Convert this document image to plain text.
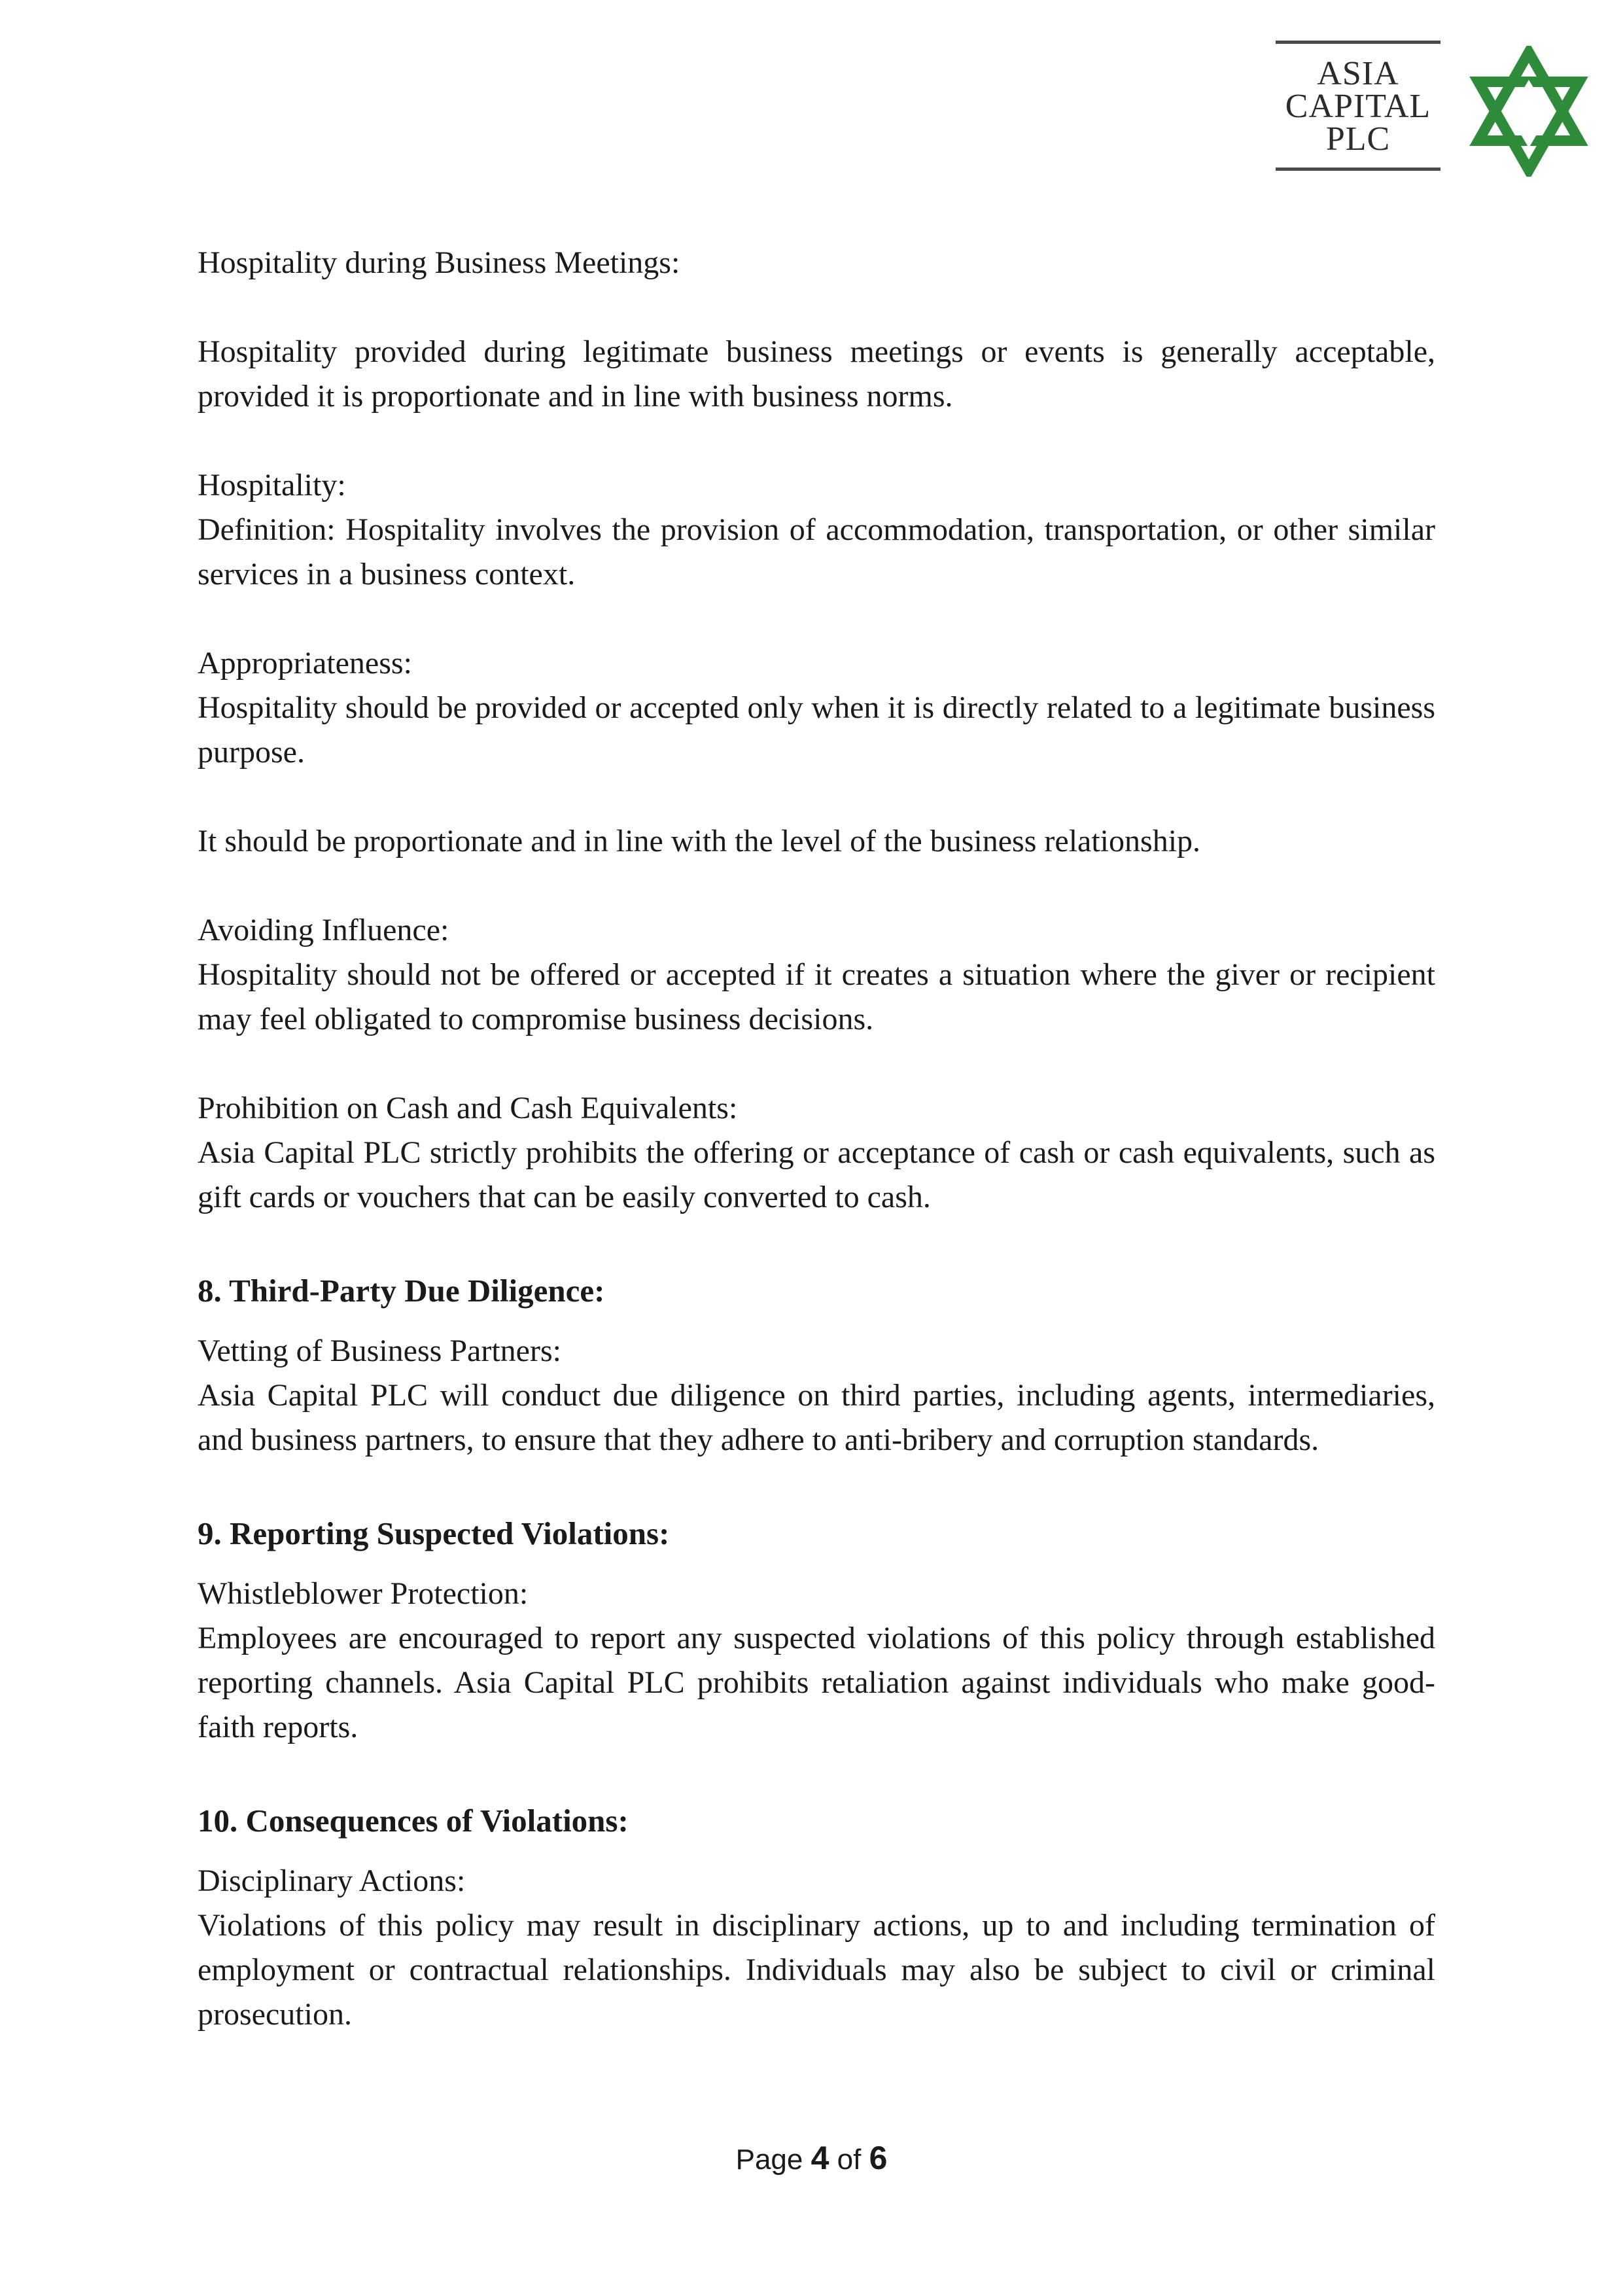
ASIA
CAPITAL
PLC

Hospitality during Business Meetings:

Hospitality provided during legitimate business meetings or events is generally acceptable, provided it is proportionate and in line with business norms.

Hospitality:

Definition: Hospitality involves the provision of accommodation, transportation, or other similar services in a business context.

Appropriateness:

Hospitality should be provided or accepted only when it is directly related to a legitimate business purpose.

It should be proportionate and in line with the level of the business relationship.

Avoiding Influence:

Hospitality should not be offered or accepted if it creates a situation where the giver or recipient may feel obligated to compromise business decisions.

Prohibition on Cash and Cash Equivalents:

Asia Capital PLC strictly prohibits the offering or acceptance of cash or cash equivalents, such as gift cards or vouchers that can be easily converted to cash.

8. Third-Party Due Diligence:

Vetting of Business Partners:

Asia Capital PLC will conduct due diligence on third parties, including agents, intermediaries, and business partners, to ensure that they adhere to anti-bribery and corruption standards.

9. Reporting Suspected Violations:

Whistleblower Protection:

Employees are encouraged to report any suspected violations of this policy through established reporting channels. Asia Capital PLC prohibits retaliation against individuals who make good-faith reports.

10. Consequences of Violations:

Disciplinary Actions:

Violations of this policy may result in disciplinary actions, up to and including termination of employment or contractual relationships. Individuals may also be subject to civil or criminal prosecution.

Page 4 of 6
